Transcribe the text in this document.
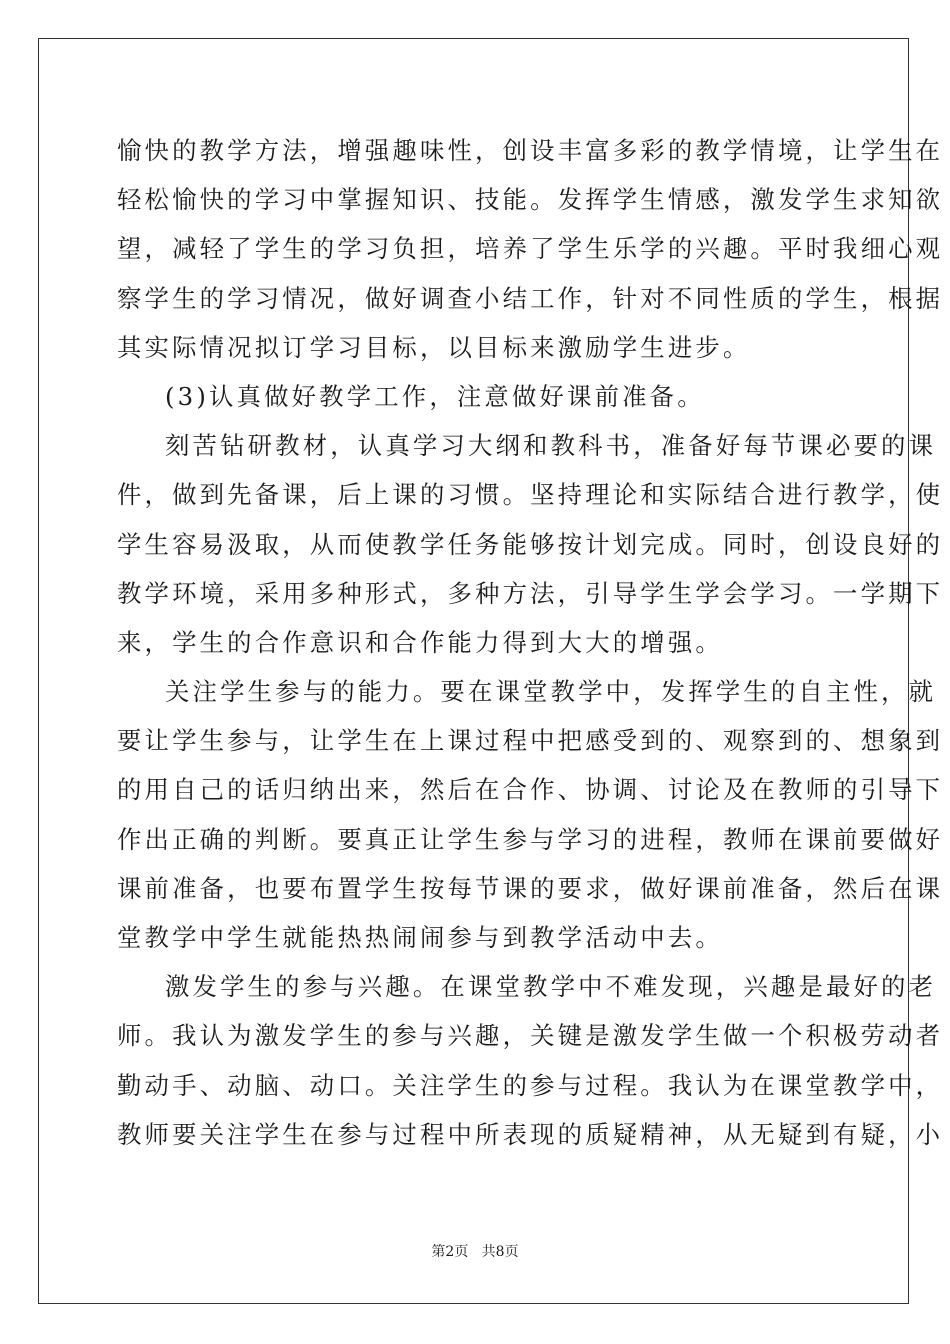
愉快的教学方法，增强趣味性，创设丰富多彩的教学情境，让学生在
轻松愉快的学习中掌握知识、技能。发挥学生情感，激发学生求知欲
望，减轻了学生的学习负担，培养了学生乐学的兴趣。平时我细心观
察学生的学习情况，做好调查小结工作，针对不同性质的学生，根据
其实际情况拟订学习目标，以目标来激励学生进步。
(3)认真做好教学工作，注意做好课前准备。
刻苦钻研教材，认真学习大纲和教科书，准备好每节课必要的课
件，做到先备课，后上课的习惯。坚持理论和实际结合进行教学，使
学生容易汲取，从而使教学任务能够按计划完成。同时，创设良好的
教学环境，采用多种形式，多种方法，引导学生学会学习。一学期下
来，学生的合作意识和合作能力得到大大的增强。
关注学生参与的能力。要在课堂教学中，发挥学生的自主性，就
要让学生参与，让学生在上课过程中把感受到的、观察到的、想象到
的用自己的话归纳出来，然后在合作、协调、讨论及在教师的引导下
作出正确的判断。要真正让学生参与学习的进程，教师在课前要做好
课前准备，也要布置学生按每节课的要求，做好课前准备，然后在课
堂教学中学生就能热热闹闹参与到教学活动中去。
激发学生的参与兴趣。在课堂教学中不难发现，兴趣是最好的老
师。我认为激发学生的参与兴趣，关键是激发学生做一个积极劳动者
勤动手、动脑、动口。关注学生的参与过程。我认为在课堂教学中，
教师要关注学生在参与过程中所表现的质疑精神，从无疑到有疑，小
第2页   共8页
